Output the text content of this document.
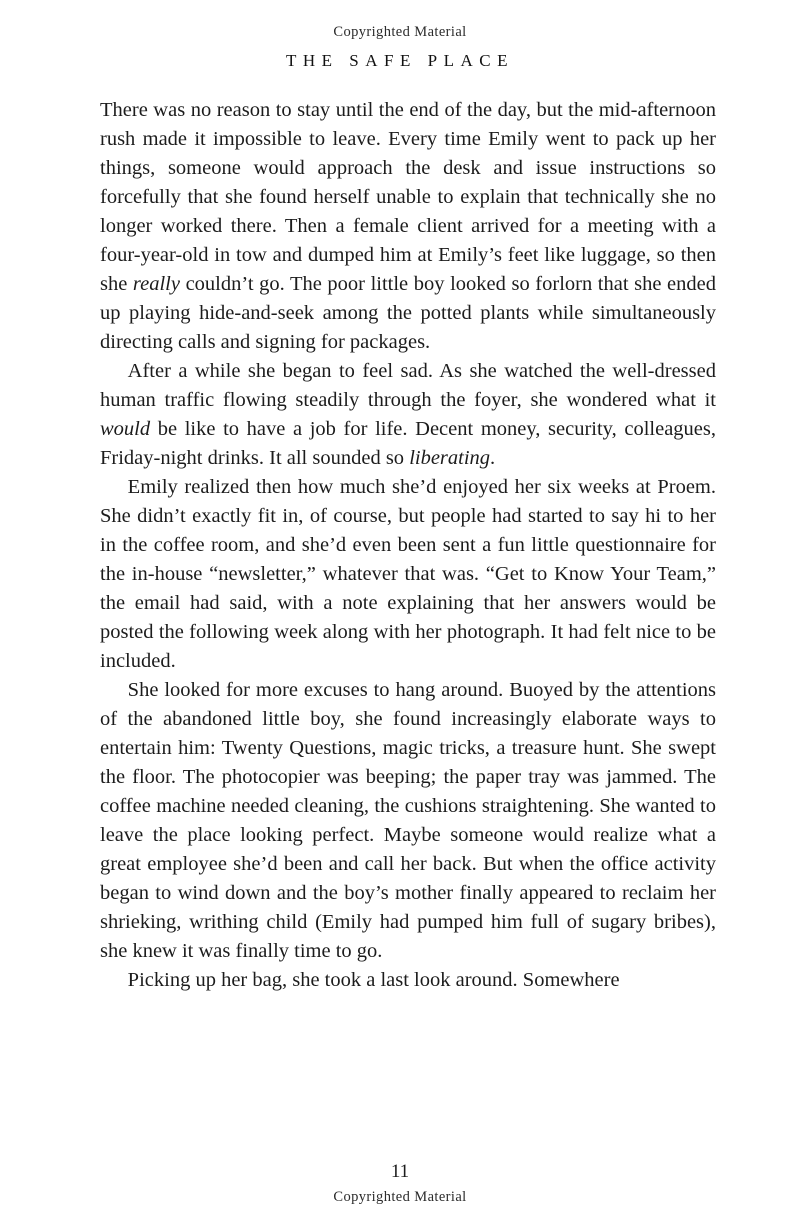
Copyrighted Material
THE SAFE PLACE

There was no reason to stay until the end of the day, but the mid-afternoon rush made it impossible to leave. Every time Emily went to pack up her things, someone would approach the desk and issue instructions so forcefully that she found herself unable to explain that technically she no longer worked there. Then a female client arrived for a meeting with a four-year-old in tow and dumped him at Emily’s feet like luggage, so then she really couldn’t go. The poor little boy looked so forlorn that she ended up playing hide-and-seek among the potted plants while simultaneously directing calls and signing for packages.

After a while she began to feel sad. As she watched the well-dressed human traffic flowing steadily through the foyer, she wondered what it would be like to have a job for life. Decent money, security, colleagues, Friday-night drinks. It all sounded so liberating.

Emily realized then how much she’d enjoyed her six weeks at Proem. She didn’t exactly fit in, of course, but people had started to say hi to her in the coffee room, and she’d even been sent a fun little questionnaire for the in-house “newsletter,” whatever that was. “Get to Know Your Team,” the email had said, with a note explaining that her answers would be posted the following week along with her photograph. It had felt nice to be included.

She looked for more excuses to hang around. Buoyed by the attentions of the abandoned little boy, she found increasingly elaborate ways to entertain him: Twenty Questions, magic tricks, a treasure hunt. She swept the floor. The photocopier was beeping; the paper tray was jammed. The coffee machine needed cleaning, the cushions straightening. She wanted to leave the place looking perfect. Maybe someone would realize what a great employee she’d been and call her back. But when the office activity began to wind down and the boy’s mother finally appeared to reclaim her shrieking, writhing child (Emily had pumped him full of sugary bribes), she knew it was finally time to go.

Picking up her bag, she took a last look around. Somewhere

11
Copyrighted Material
